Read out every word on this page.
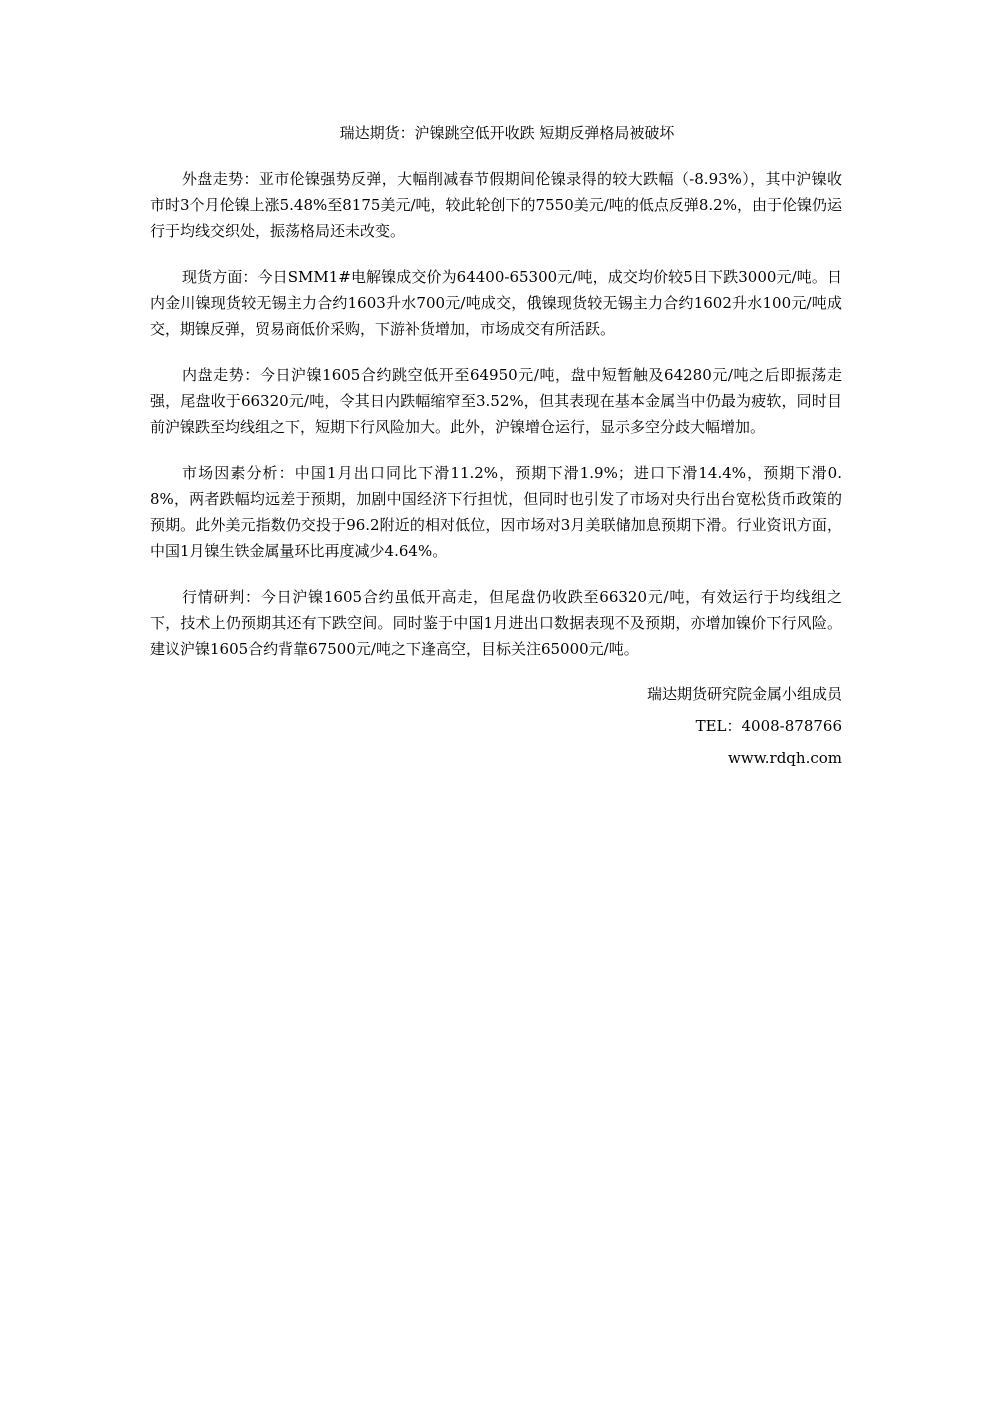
瑞达期货：沪镍跳空低开收跌 短期反弹格局被破坏

外盘走势：亚市伦镍强势反弹，大幅削减春节假期间伦镍录得的较大跌幅（-8.93%），其中沪镍收市时3个月伦镍上涨5.48%至8175美元/吨，较此轮创下的7550美元/吨的低点反弹8.2%，由于伦镍仍运行于均线交织处，振荡格局还未改变。

现货方面：今日SMM1#电解镍成交价为64400-65300元/吨，成交均价较5日下跌3000元/吨。日内金川镍现货较无锡主力合约1603升水700元/吨成交，俄镍现货较无锡主力合约1602升水100元/吨成交，期镍反弹，贸易商低价采购，下游补货增加，市场成交有所活跃。

内盘走势：今日沪镍1605合约跳空低开至64950元/吨，盘中短暂触及64280元/吨之后即振荡走强，尾盘收于66320元/吨，令其日内跌幅缩窄至3.52%，但其表现在基本金属当中仍最为疲软，同时目前沪镍跌至均线组之下，短期下行风险加大。此外，沪镍增仓运行，显示多空分歧大幅增加。

市场因素分析：中国1月出口同比下滑11.2%，预期下滑1.9%；进口下滑14.4%，预期下滑0.8%，两者跌幅均远差于预期，加剧中国经济下行担忧，但同时也引发了市场对央行出台宽松货币政策的预期。此外美元指数仍交投于96.2附近的相对低位，因市场对3月美联储加息预期下滑。行业资讯方面，中国1月镍生铁金属量环比再度减少4.64%。

行情研判：今日沪镍1605合约虽低开高走，但尾盘仍收跌至66320元/吨，有效运行于均线组之下，技术上仍预期其还有下跌空间。同时鉴于中国1月进出口数据表现不及预期，亦增加镍价下行风险。建议沪镍1605合约背靠67500元/吨之下逢高空，目标关注65000元/吨。

瑞达期货研究院金属小组成员
TEL：4008-878766
www.rdqh.com
